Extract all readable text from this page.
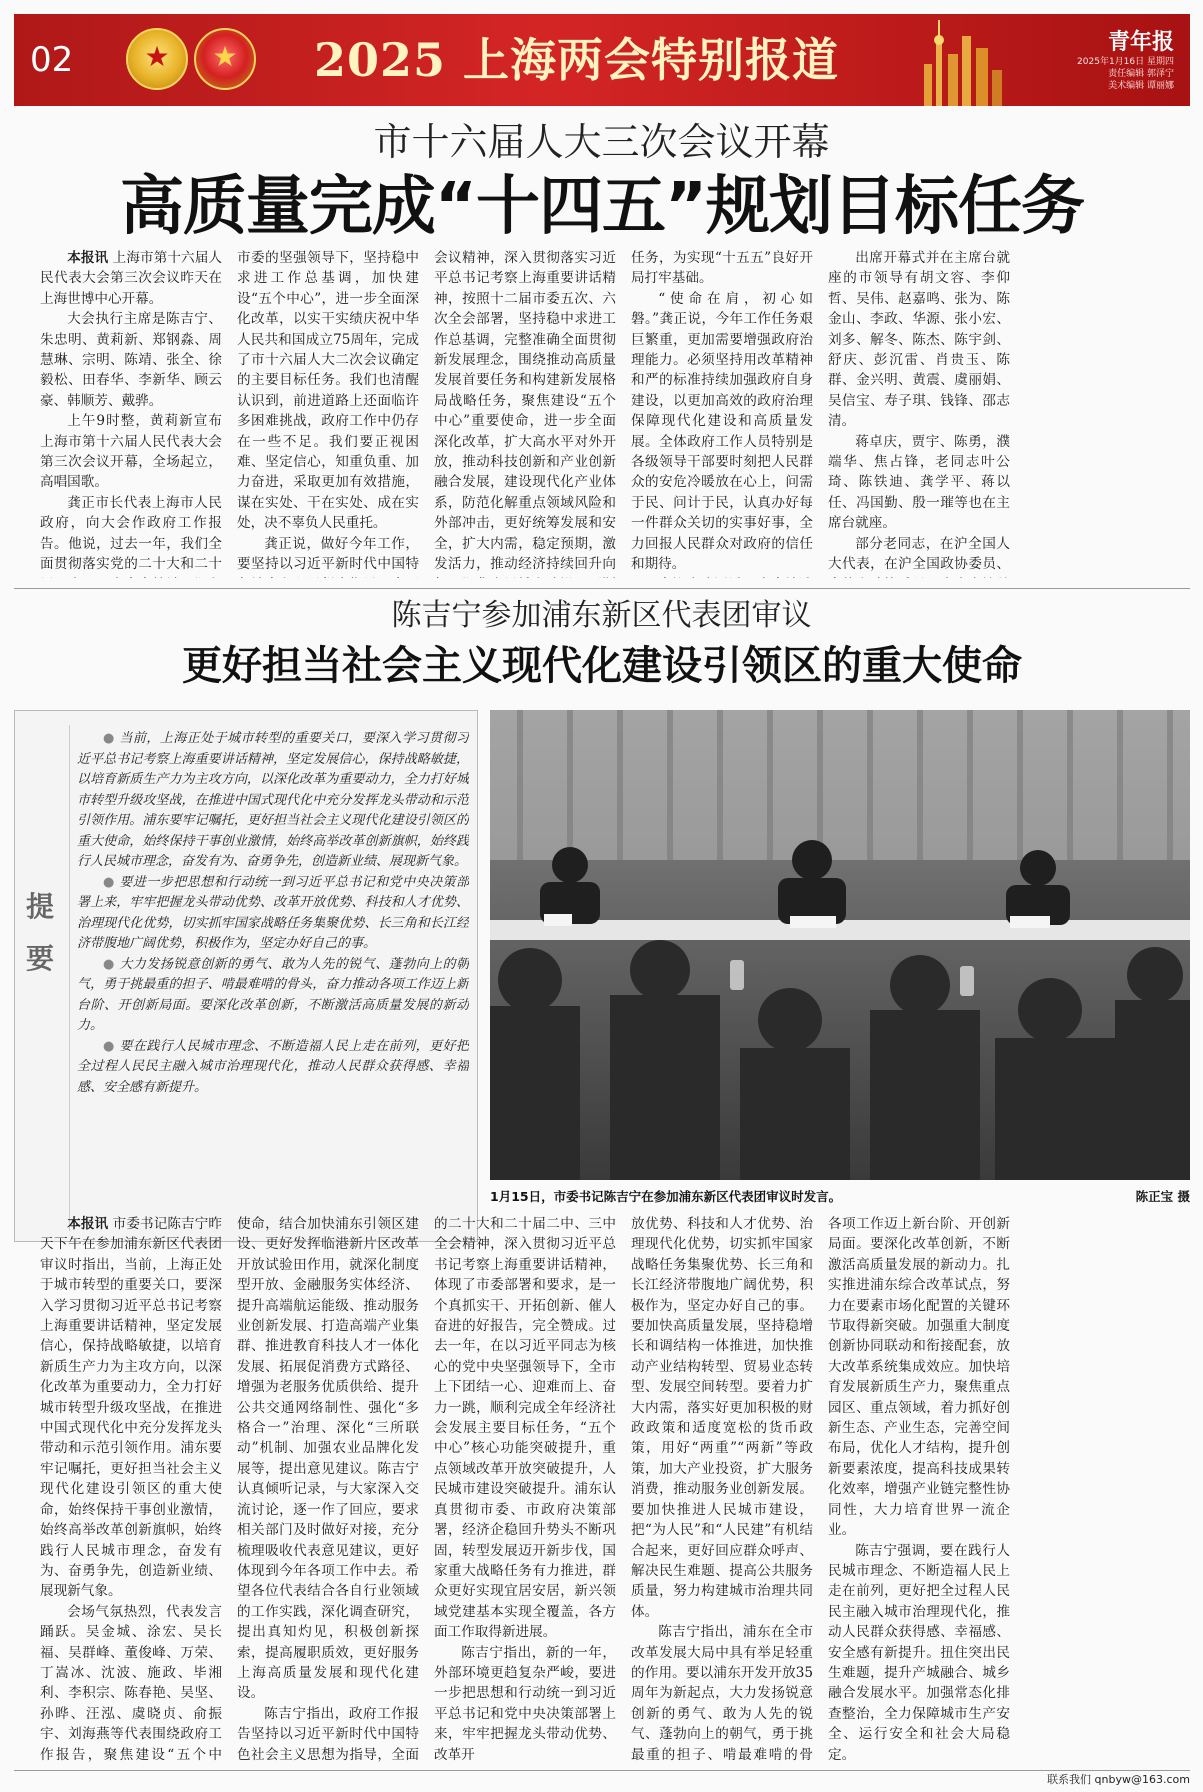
02	★	★	2025 上海两会特别报道	青年报
2025年1月16日 星期四
责任编辑 郭泽宁
美术编辑 谭丽娜
市十六届人大三次会议开幕
高质量完成“十四五”规划目标任务

本报讯 上海市第十六届人民代表大会第三次会议昨天在上海世博中心开幕。

大会执行主席是陈吉宁、朱忠明、黄莉新、郑钢淼、周慧琳、宗明、陈靖、张全、徐毅松、田春华、李新华、顾云豪、韩顺芳、戴骅。

上午9时整，黄莉新宣布上海市第十六届人民代表大会第三次会议开幕，全场起立，高唱国歌。

龚正市长代表上海市人民政府，向大会作政府工作报告。他说，过去一年，我们全面贯彻落实党的二十大和二十

市委的坚强领导下，坚持稳中求进工作总基调，加快建设“五个中心”，进一步全面深化改革，以实干实绩庆祝中华人民共和国成立75周年，完成了市十六届人大二次会议确定的主要目标任务。我们也清醒认识到，前进道路上还面临许多困难挑战，政府工作中仍存在一些不足。我们要正视困难、坚定信心，知重负重、加力奋进，采取更加有效措施，谋在实处、干在实处、成在实处，决不辜负人民重托。

龚正说，做好今年工作，要坚持以习近平新时代中国特

会议精神，深入贯彻落实习近平总书记考察上海重要讲话精神，按照十二届市委五次、六次全会部署，坚持稳中求进工作总基调，完整准确全面贯彻新发展理念，围绕推动高质量发展首要任务和构建新发展格局战略任务，聚焦建设“五个中心”重要使命，进一步全面深化改革，扩大高水平对外开放，推动科技创新和产业创新融合发展，建设现代化产业体系，防范化解重点领域风险和外部冲击，更好统筹发展和安全，扩大内需，稳定预期，激发活力，推动经济持续回升向

任务，为实现“十五五”良好开局打牢基础。

“使命在肩，初心如磐。”龚正说，今年工作任务艰巨繁重，更加需要增强政府治理能力。必须坚持用改革精神和严的标准持续加强政府自身建设，以更加高效的政府治理保障现代化建设和高质量发展。全体政府工作人员特别是各级领导干部要时刻把人民群众的安危冷暖放在心上，问需于民、问计于民，认真办好每一件群众关切的实事好事，全力回报人民群众对政府的信任和期待。

出席开幕式并在主席台就座的市领导有胡文容、李仰哲、吴伟、赵嘉鸣、张为、陈金山、李政、华源、张小宏、刘多、解冬、陈杰、陈宇剑、舒庆、彭沉雷、肖贵玉、陈群、金兴明、黄震、虞丽娟、吴信宝、寿子琪、钱锋、邵志清。

蒋卓庆，贾宇、陈勇，濮端华、焦占锋，老同志叶公琦、陈铁迪、龚学平、蒋以任、冯国勤、殷一璀等也在主席台就座。

部分老同志，在沪全国人大代表，在沪全国政协委员、

陈吉宁参加浦东新区代表团审议
更好担当社会主义现代化建设引领区的重大使命
提要

● 当前，上海正处于城市转型的重要关口，要深入学习贯彻习近平总书记考察上海重要讲话精神，坚定发展信心，保持战略敏捷，以培育新质生产力为主攻方向，以深化改革为重要动力，全力打好城市转型升级攻坚战，在推进中国式现代化中充分发挥龙头带动和示范引领作用。浦东要牢记嘱托，更好担当社会主义现代化建设引领区的重大使命，始终保持干事创业激情，始终高举改革创新旗帜，始终践行人民城市理念，奋发有为、奋勇争先，创造新业绩、展现新气象。

● 要进一步把思想和行动统一到习近平总书记和党中央决策部署上来，牢牢把握龙头带动优势、改革开放优势、科技和人才优势、治理现代化优势，切实抓牢国家战略任务集聚优势、长三角和长江经济带腹地广阔优势，积极作为，坚定办好自己的事。

● 大力发扬锐意创新的勇气、敢为人先的锐气、蓬勃向上的朝气，勇于挑最重的担子、啃最难啃的骨头，奋力推动各项工作迈上新台阶、开创新局面。要深化改革创新，不断激活高质量发展的新动力。

● 要在践行人民城市理念、不断造福人民上走在前列，更好把全过程人民民主融入城市治理现代化，推动人民群众获得感、幸福感、安全感有新提升。

1月15日，市委书记陈吉宁在参加浦东新区代表团审议时发言。	陈正宝 摄

本报讯 市委书记陈吉宁昨天下午在参加浦东新区代表团审议时指出，当前，上海正处于城市转型的重要关口，要深入学习贯彻习近平总书记考察上海重要讲话精神，坚定发展信心，保持战略敏捷，以培育新质生产力为主攻方向，以深化改革为重要动力，全力打好城市转型升级攻坚战，在推进中国式现代化中充分发挥龙头带动和示范引领作用。浦东要牢记嘱托，更好担当社会主义现代化建设引领区的重大使命，始终保持干事创业激情，始终高举改革创新旗帜，始终践行人民城市理念，奋发有为、奋勇争先，创造新业绩、展现新气象。

会场气氛热烈，代表发言踊跃。吴金城、涂宏、吴长福、吴群峰、董俊峰、万荣、丁嵩冰、沈波、施政、毕湘利、李积宗、陈春艳、吴坚、孙晔、汪泓、虞晓贞、俞振宇、刘海燕等代表围绕政府工作报告，聚焦建设“五个中

使命，结合加快浦东引领区建设、更好发挥临港新片区改革开放试验田作用，就深化制度型开放、金融服务实体经济、提升高端航运能级、推动服务业创新发展、打造高端产业集群、推进教育科技人才一体化发展、拓展促消费方式路径、增强为老服务优质供给、提升公共交通网络制性、强化“多格合一”治理、深化“三所联动”机制、加强农业品牌化发展等，提出意见建议。陈吉宁认真倾听记录，与大家深入交流讨论，逐一作了回应，要求相关部门及时做好对接，充分梳理吸收代表意见建议，更好体现到今年各项工作中去。希望各位代表结合各自行业领域的工作实践，深化调查研究，提出真知灼见，积极创新探索，提高履职质效，更好服务上海高质量发展和现代化建设。

陈吉宁指出，政府工作报告坚持以习近平新时代中国特色社会主义思想为指导，全面

的二十大和二十届二中、三中全会精神，深入贯彻习近平总书记考察上海重要讲话精神，体现了市委部署和要求，是一个真抓实干、开拓创新、催人奋进的好报告，完全赞成。过去一年，在以习近平同志为核心的党中央坚强领导下，全市上下团结一心、迎难而上、奋力一跳，顺利完成全年经济社会发展主要目标任务，“五个中心”核心功能突破提升，重点领域改革开放突破提升，人民城市建设突破提升。浦东认真贯彻市委、市政府决策部署，经济企稳回升势头不断巩固，转型发展迈开新步伐，国家重大战略任务有力推进，群众更好实现宜居安居，新兴领域党建基本实现全覆盖，各方面工作取得新进展。

陈吉宁指出，新的一年，外部环境更趋复杂严峻，要进一步把思想和行动统一到习近平总书记和党中央决策部署上来，牢牢把握龙头带动优势、改革开

放优势、科技和人才优势、治理现代化优势，切实抓牢国家战略任务集聚优势、长三角和长江经济带腹地广阔优势，积极作为，坚定办好自己的事。要加快高质量发展，坚持稳增长和调结构一体推进，加快推动产业结构转型、贸易业态转型、发展空间转型。要着力扩大内需，落实好更加积极的财政政策和适度宽松的货币政策，用好“两重”“两新”等政策，加大产业投资，扩大服务消费，推动服务业创新发展。要加快推进人民城市建设，把“为人民”和“人民建”有机结合起来，更好回应群众呼声、解决民生难题、提高公共服务质量，努力构建城市治理共同体。

陈吉宁指出，浦东在全市改革发展大局中具有举足轻重的作用。要以浦东开发开放35周年为新起点，大力发扬锐意创新的勇气、敢为人先的锐气、蓬勃向上的朝气，勇于挑最重的担子、啃最难啃的骨

各项工作迈上新台阶、开创新局面。要深化改革创新，不断激活高质量发展的新动力。扎实推进浦东综合改革试点，努力在要素市场化配置的关键环节取得新突破。加强重大制度创新协同联动和衔接配套，放大改革系统集成效应。加快培育发展新质生产力，聚焦重点园区、重点领域，着力抓好创新生态、产业生态，完善空间布局，优化人才结构，提升创新要素浓度，提高科技成果转化效率，增强产业链完整性协同性，大力培育世界一流企业。

陈吉宁强调，要在践行人民城市理念、不断造福人民上走在前列，更好把全过程人民民主融入城市治理现代化，推动人民群众获得感、幸福感、安全感有新提升。扭住突出民生难题，提升产城融合、城乡融合发展水平。加强常态化排查整治，全力保障城市生产安全、运行安全和社会大局稳定。

联系我们 qnbyw@163.com
